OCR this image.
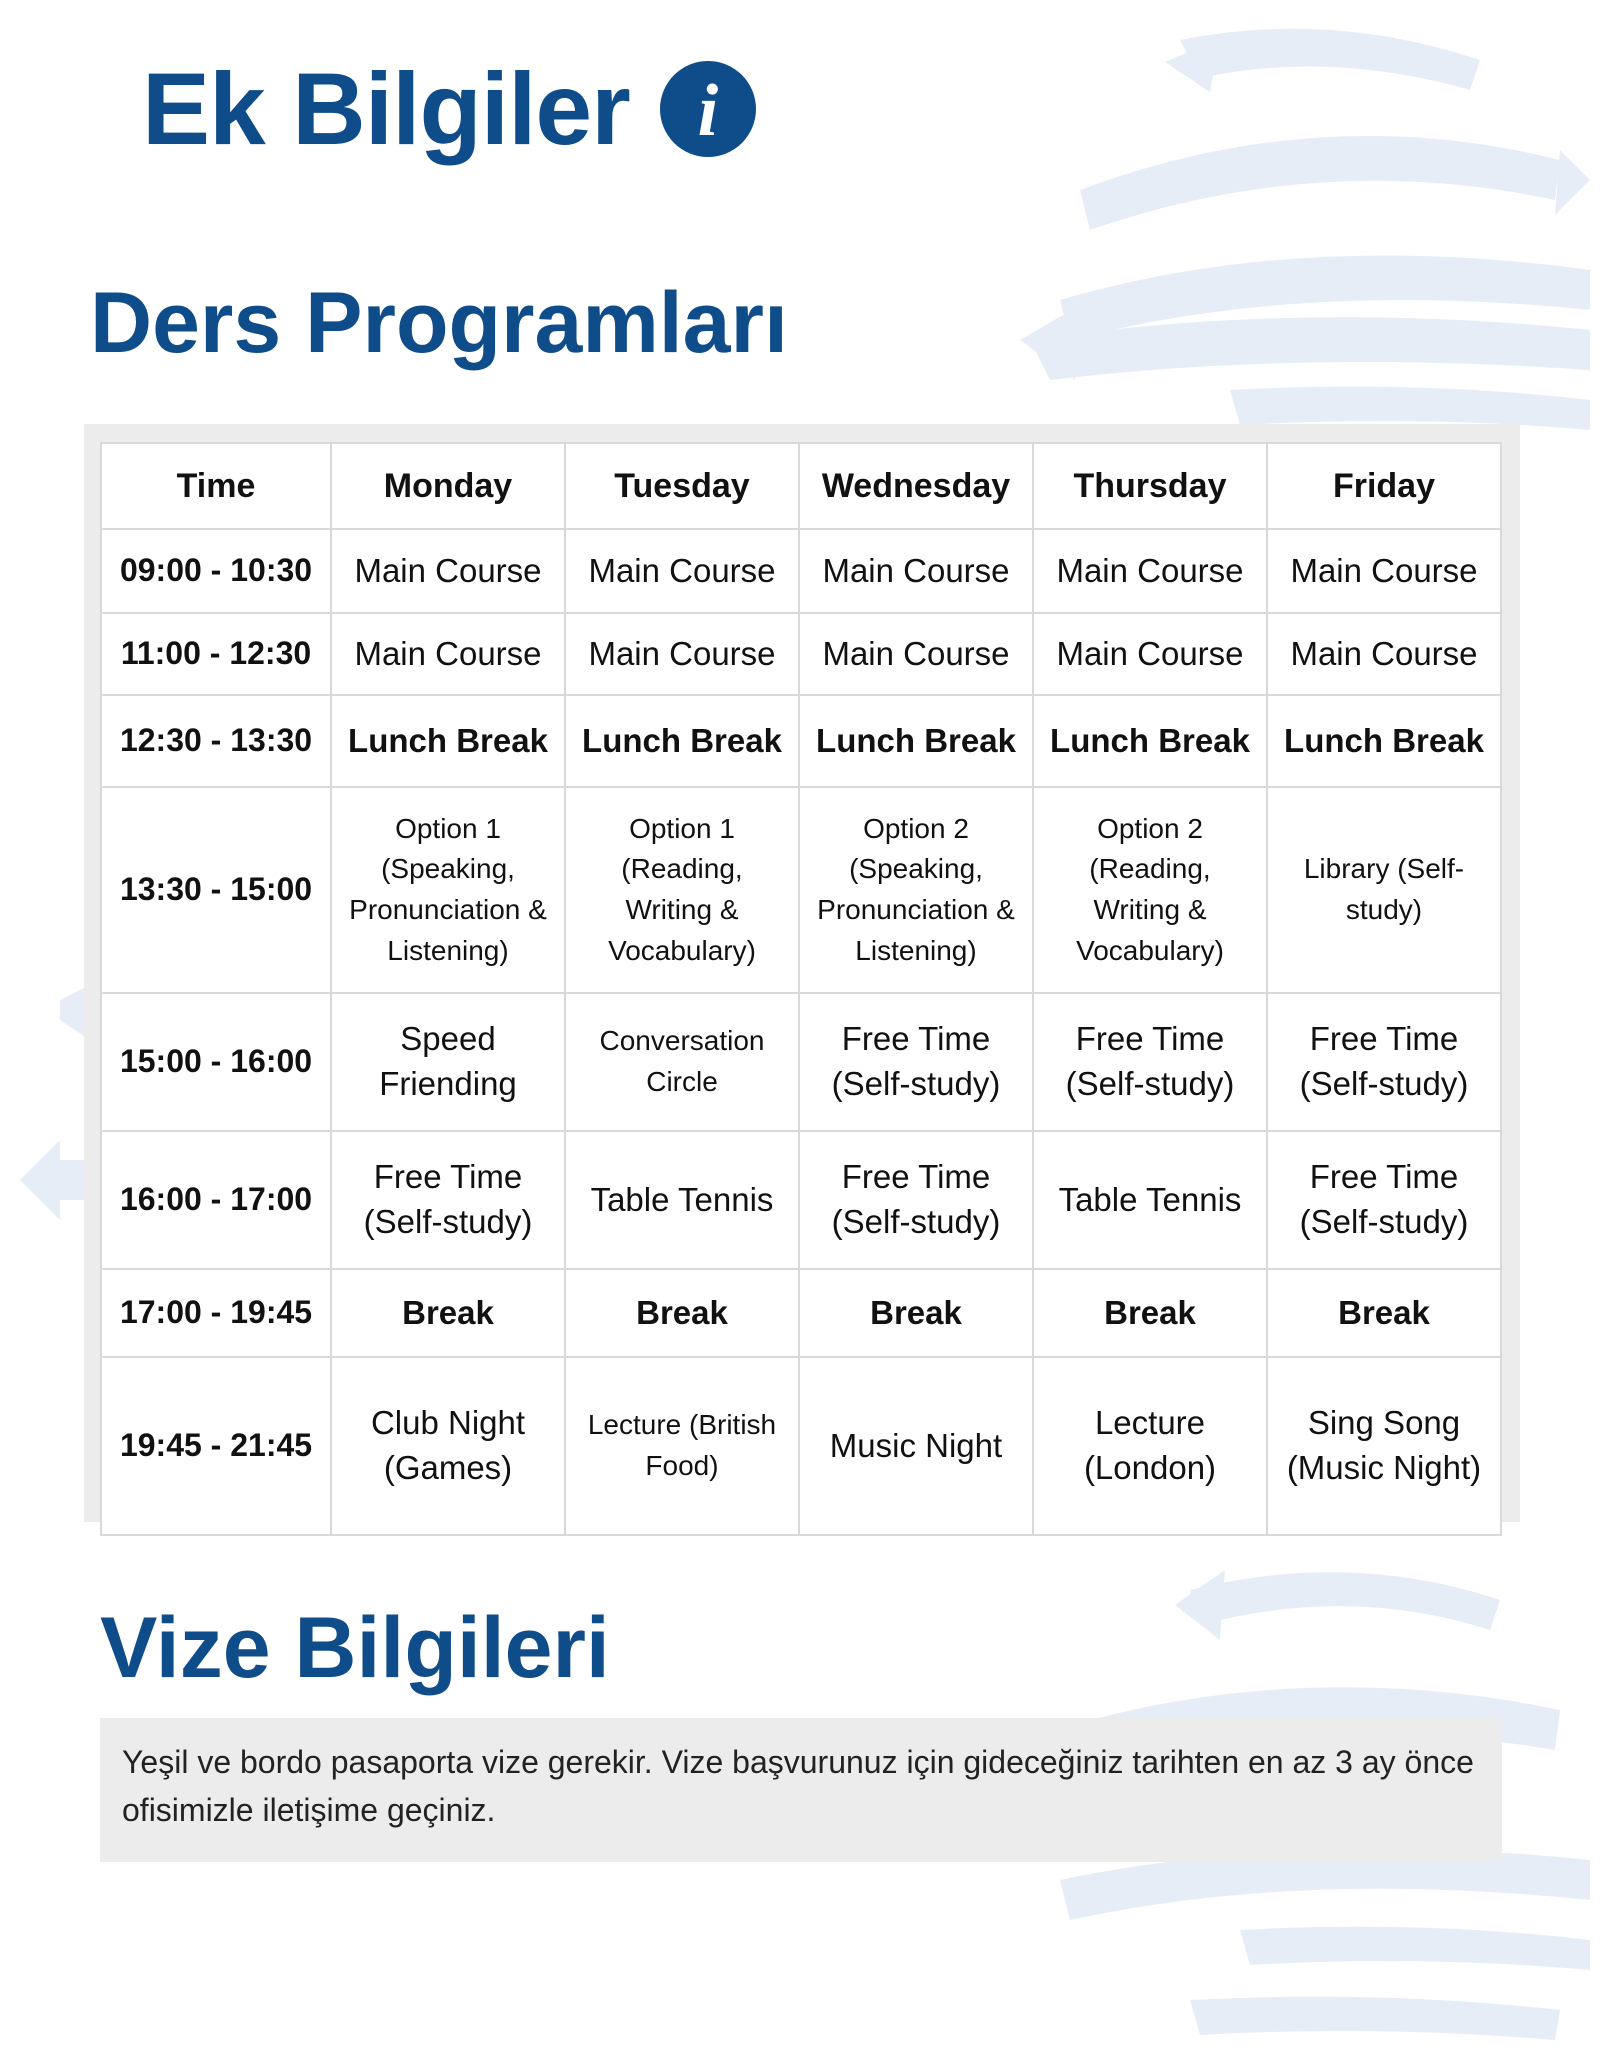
Ek Bilgiler i
Ders Programları
Time	Monday	Tuesday	Wednesday	Thursday	Friday
09:00 - 10:30	Main Course	Main Course	Main Course	Main Course	Main Course
11:00 - 12:30	Main Course	Main Course	Main Course	Main Course	Main Course
12:30 - 13:30	Lunch Break	Lunch Break	Lunch Break	Lunch Break	Lunch Break
13:30 - 15:00	Option 1 (Speaking, Pronunciation & Listening)	Option 1 (Reading, Writing & Vocabulary)	Option 2 (Speaking, Pronunciation & Listening)	Option 2 (Reading, Writing & Vocabulary)	Library (Self-study)
15:00 - 16:00	Speed Friending	Conversation Circle	Free Time (Self-study)	Free Time (Self-study)	Free Time (Self-study)
16:00 - 17:00	Free Time (Self-study)	Table Tennis	Free Time (Self-study)	Table Tennis	Free Time (Self-study)
17:00 - 19:45	Break	Break	Break	Break	Break
19:45 - 21:45	Club Night (Games)	Lecture (British Food)	Music Night	Lecture (London)	Sing Song (Music Night)
Vize Bilgileri

Yeşil ve bordo pasaporta vize gerekir. Vize başvurunuz için gideceğiniz tarihten en az 3 ay önce ofisimizle iletişime geçiniz.
